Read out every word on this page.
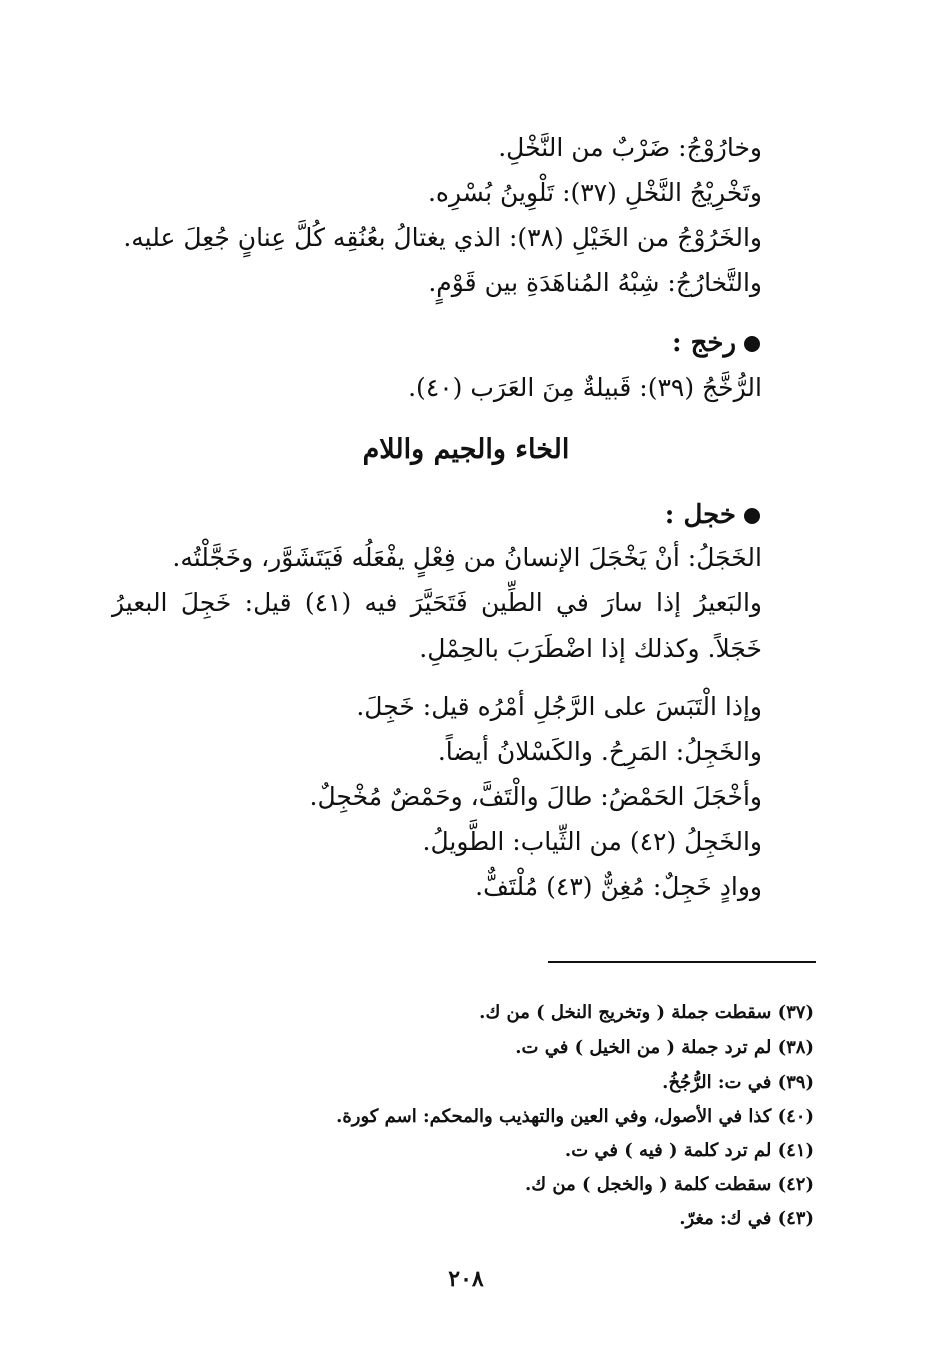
وخارُوْجُ: ضَرْبٌ من النَّخْلِ.
وتَخْرِيْجُ النَّخْلِ (٣٧): تَلْوِينُ بُسْرِه.
والخَرُوْجُ من الخَيْلِ (٣٨): الذي يغتالُ بعُنُقِه كُلَّ عِنانٍ جُعِلَ عليه.
والتَّخارُجُ: شِبْهُ المُناهَدَةِ بين قَوْمٍ.
رخج :
الرُّخَّجُ (٣٩): قَبيلةٌ مِنَ العَرَب (٤٠).
الخاء والجيم واللام
خجل :
الخَجَلُ: أنْ يَخْجَلَ الإنسانُ من فِعْلٍ يفْعَلُه فَيَتَشَوَّر، وخَجَّلْتُه.
والبَعيرُ إذا سارَ في الطِّين فَتَحَيَّرَ فيه (٤١) قيل: خَجِلَ البعيرُ خَجَلاً. وكذلك إذا اضْطَرَبَ بالحِمْلِ.
وإذا الْتَبَسَ على الرَّجُلِ أمْرُه قيل: خَجِلَ.
والخَجِلُ: المَرِحُ. والكَسْلانُ أيضاً.
وأخْجَلَ الحَمْضُ: طالَ والْتَفَّ، وحَمْضٌ مُخْجِلٌ.
والخَجِلُ (٤٢) من الثِّياب: الطَّويلُ.
ووادٍ خَجِلٌ: مُغِنٌّ (٤٣) مُلْتَفٌّ.
(٣٧) سقطت جملة ( وتخريج النخل ) من ك.
(٣٨) لم ترد جملة ( من الخيل ) في ت.
(٣٩) في ت: الرُّجُخُ.
(٤٠) كذا في الأصول، وفي العين والتهذيب والمحكم: اسم كورة.
(٤١) لم ترد كلمة ( فيه ) في ت.
(٤٢) سقطت كلمة ( والخجل ) من ك.
(٤٣) في ك: مغرّ.
٢٠٨
